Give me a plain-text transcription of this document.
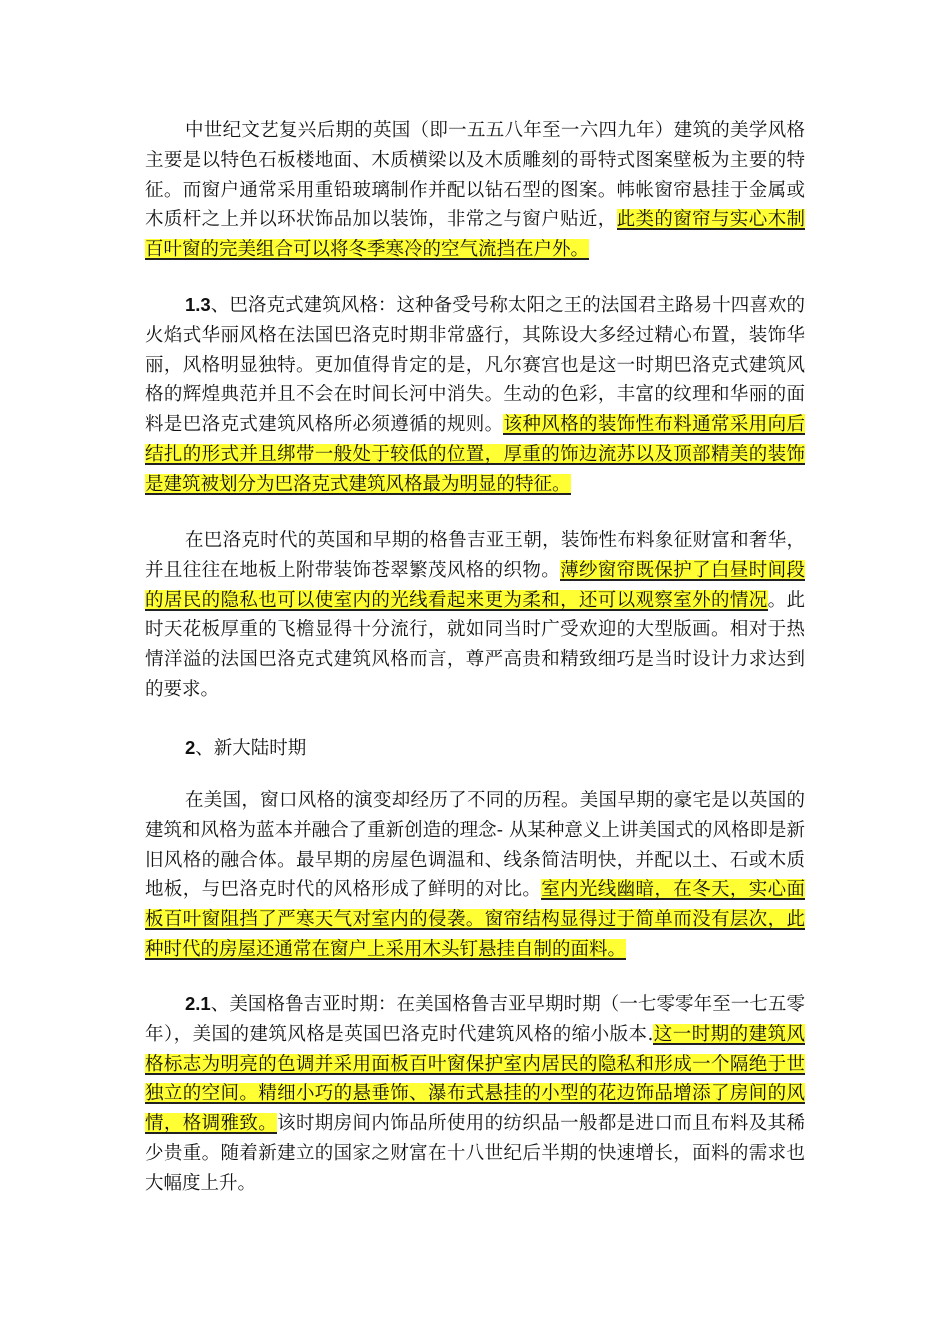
中世纪文艺复兴后期的英国（即一五五八年至一六四九年）建筑的美学风格主要是以特色石板楼地面、木质横梁以及木质雕刻的哥特式图案壁板为主要的特征。而窗户通常采用重铅玻璃制作并配以钻石型的图案。帏帐窗帘悬挂于金属或木质杆之上并以环状饰品加以装饰，非常之与窗户贴近，此类的窗帘与实心木制百叶窗的完美组合可以将冬季寒冷的空气流挡在户外。

1.3、巴洛克式建筑风格：这种备受号称太阳之王的法国君主路易十四喜欢的火焰式华丽风格在法国巴洛克时期非常盛行，其陈设大多经过精心布置，装饰华丽，风格明显独特。更加值得肯定的是，凡尔赛宫也是这一时期巴洛克式建筑风格的辉煌典范并且不会在时间长河中消失。生动的色彩，丰富的纹理和华丽的面料是巴洛克式建筑风格所必须遵循的规则。该种风格的装饰性布料通常采用向后结扎的形式并且绑带一般处于较低的位置，厚重的饰边流苏以及顶部精美的装饰是建筑被划分为巴洛克式建筑风格最为明显的特征。

在巴洛克时代的英国和早期的格鲁吉亚王朝，装饰性布料象征财富和奢华，并且往往在地板上附带装饰苍翠繁茂风格的织物。薄纱窗帘既保护了白昼时间段的居民的隐私也可以使室内的光线看起来更为柔和，还可以观察室外的情况。此时天花板厚重的飞檐显得十分流行，就如同当时广受欢迎的大型版画。相对于热情洋溢的法国巴洛克式建筑风格而言，尊严高贵和精致细巧是当时设计力求达到的要求。

2、新大陆时期

在美国，窗口风格的演变却经历了不同的历程。美国早期的豪宅是以英国的建筑和风格为蓝本并融合了重新创造的理念- 从某种意义上讲美国式的风格即是新旧风格的融合体。最早期的房屋色调温和、线条简洁明快，并配以土、石或木质地板，与巴洛克时代的风格形成了鲜明的对比。室内光线幽暗，在冬天，实心面板百叶窗阻挡了严寒天气对室内的侵袭。窗帘结构显得过于简单而没有层次，此种时代的房屋还通常在窗户上采用木头钉悬挂自制的面料。

2.1、美国格鲁吉亚时期：在美国格鲁吉亚早期时期（一七零零年至一七五零年），美国的建筑风格是英国巴洛克时代建筑风格的缩小版本.这一时期的建筑风格标志为明亮的色调并采用面板百叶窗保护室内居民的隐私和形成一个隔绝于世独立的空间。精细小巧的悬垂饰、瀑布式悬挂的小型的花边饰品增添了房间的风情，格调雅致。该时期房间内饰品所使用的纺织品一般都是进口而且布料及其稀少贵重。随着新建立的国家之财富在十八世纪后半期的快速增长，面料的需求也大幅度上升。
